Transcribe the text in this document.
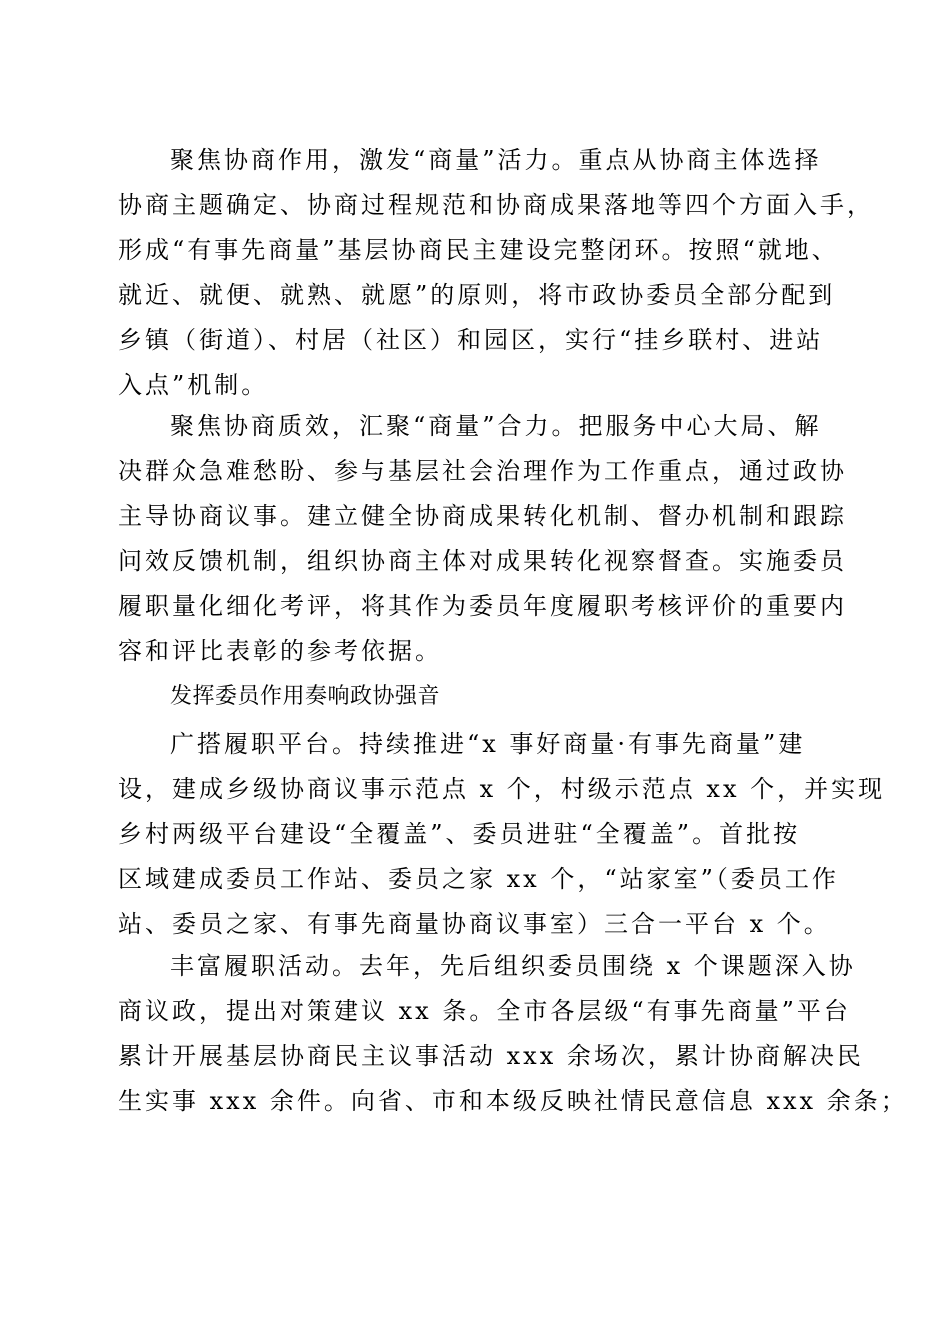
聚焦协商作用，激发“商量”活力。重点从协商主体选择
协商主题确定、协商过程规范和协商成果落地等四个方面入手，
形成“有事先商量”基层协商民主建设完整闭环。按照“就地、
就近、就便、就熟、就愿”的原则，将市政协委员全部分配到
乡镇（街道）、村居（社区）和园区，实行“挂乡联村、进站
入点”机制。
聚焦协商质效，汇聚“商量”合力。把服务中心大局、解
决群众急难愁盼、参与基层社会治理作为工作重点，通过政协
主导协商议事。建立健全协商成果转化机制、督办机制和跟踪
问效反馈机制，组织协商主体对成果转化视察督查。实施委员
履职量化细化考评，将其作为委员年度履职考核评价的重要内
容和评比表彰的参考依据。
发挥委员作用奏响政协强音
广搭履职平台。持续推进“x 事好商量·有事先商量”建
设，建成乡级协商议事示范点 x 个，村级示范点 xx 个，并实现
乡村两级平台建设“全覆盖”、委员进驻“全覆盖”。首批按
区域建成委员工作站、委员之家 xx 个，“站家室”（委员工作
站、委员之家、有事先商量协商议事室）三合一平台 x 个。
丰富履职活动。去年，先后组织委员围绕 x 个课题深入协
商议政，提出对策建议 xx 条。全市各层级“有事先商量”平台
累计开展基层协商民主议事活动 xxx 余场次，累计协商解决民
生实事 xxx 余件。向省、市和本级反映社情民意信息 xxx 余条；
